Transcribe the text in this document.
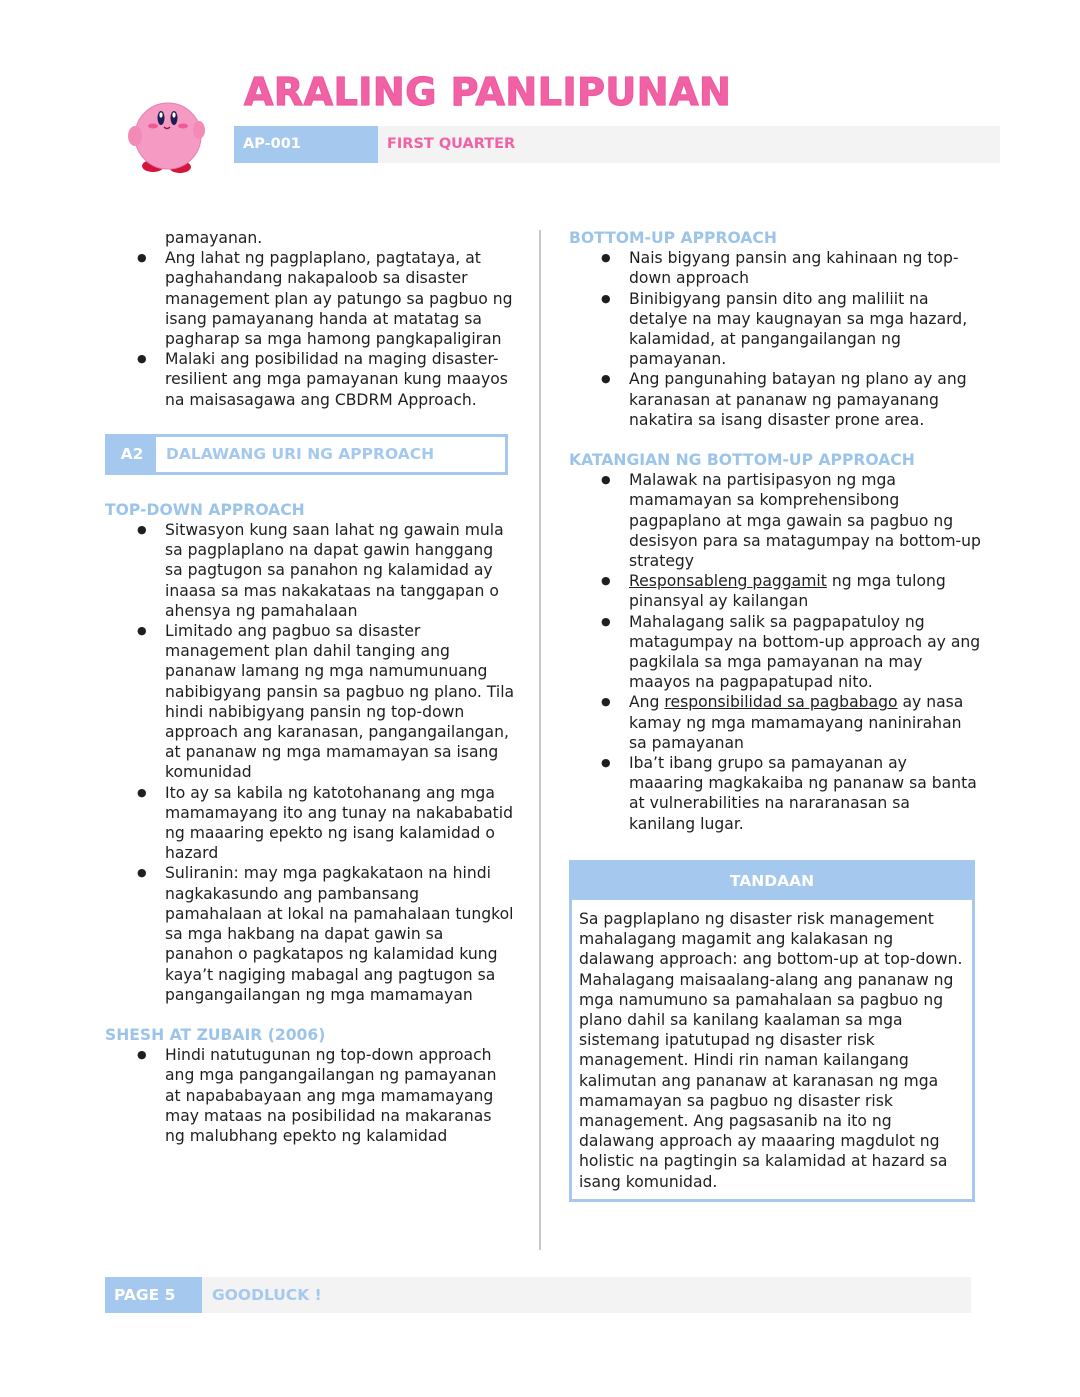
ARALING PANLIPUNAN
AP-001	FIRST QUARTER
pamayanan.
● Ang lahat ng pagplaplano, pagtataya, at paghahandang nakapaloob sa disaster management plan ay patungo sa pagbuo ng isang pamayanang handa at matatag sa pagharap sa mga hamong pangkapaligiran
● Malaki ang posibilidad na maging disaster-resilient ang mga pamayanan kung maayos na maisasagawa ang CBDRM Approach.
A2	DALAWANG URI NG APPROACH
TOP-DOWN APPROACH
● Sitwasyon kung saan lahat ng gawain mula sa pagplaplano na dapat gawin hanggang sa pagtugon sa panahon ng kalamidad ay inaasa sa mas nakakataas na tanggapan o ahensya ng pamahalaan
● Limitado ang pagbuo sa disaster management plan dahil tanging ang pananaw lamang ng mga namumunuang nabibigyang pansin sa pagbuo ng plano. Tila hindi nabibigyang pansin ng top-down approach ang karanasan, pangangailangan, at pananaw ng mga mamamayan sa isang komunidad
● Ito ay sa kabila ng katotohanang ang mga mamamayang ito ang tunay na nakababatid ng maaaring epekto ng isang kalamidad o hazard
● Suliranin: may mga pagkakataon na hindi nagkakasundo ang pambansang pamahalaan at lokal na pamahalaan tungkol sa mga hakbang na dapat gawin sa panahon o pagkatapos ng kalamidad kung kaya’t nagiging mabagal ang pagtugon sa pangangailangan ng mga mamamayan
SHESH AT ZUBAIR (2006)
● Hindi natutugunan ng top-down approach ang mga pangangailangan ng pamayanan at napababayaan ang mga mamamayang may mataas na posibilidad na makaranas ng malubhang epekto ng kalamidad
BOTTOM-UP APPROACH
● Nais bigyang pansin ang kahinaan ng top-down approach
● Binibigyang pansin dito ang maliliit na detalye na may kaugnayan sa mga hazard, kalamidad, at pangangailangan ng pamayanan.
● Ang pangunahing batayan ng plano ay ang karanasan at pananaw ng pamayanang nakatira sa isang disaster prone area.
KATANGIAN NG BOTTOM-UP APPROACH
● Malawak na partisipasyon ng mga mamamayan sa komprehensibong pagpaplano at mga gawain sa pagbuo ng desisyon para sa matagumpay na bottom-up strategy
● Responsableng paggamit ng mga tulong pinansyal ay kailangan
● Mahalagang salik sa pagpapatuloy ng matagumpay na bottom-up approach ay ang pagkilala sa mga pamayanan na may maayos na pagpapatupad nito.
● Ang responsibilidad sa pagbabago ay nasa kamay ng mga mamamayang naninirahan sa pamayanan
● Iba’t ibang grupo sa pamayanan ay maaaring magkakaiba ng pananaw sa banta at vulnerabilities na nararanasan sa kanilang lugar.
TANDAAN
Sa pagplaplano ng disaster risk management mahalagang magamit ang kalakasan ng dalawang approach: ang bottom-up at top-down. Mahalagang maisaalang-alang ang pananaw ng mga namumuno sa pamahalaan sa pagbuo ng plano dahil sa kanilang kaalaman sa mga sistemang ipatutupad ng disaster risk management. Hindi rin naman kailangang kalimutan ang pananaw at karanasan ng mga mamamayan sa pagbuo ng disaster risk management. Ang pagsasanib na ito ng dalawang approach ay maaaring magdulot ng holistic na pagtingin sa kalamidad at hazard sa isang komunidad.
PAGE 5	GOODLUCK !
